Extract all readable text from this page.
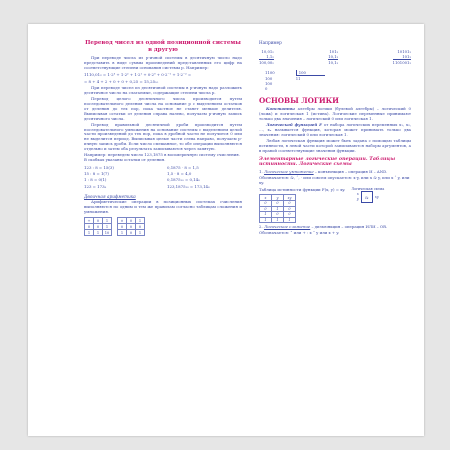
Перевод чисел из одной позиционной системы в другую

При переводе числа из p-ичной системы в десятичную число надо представить в виде суммы произведений представленных его цифр на соответствующие степени основания системы p. Например:

1110,01₂ = 1·2³ + 1·2² + 1·2¹ + 0·2⁰ + 0·2⁻¹ + 1·2⁻² =
= 8 + 4 + 2 + 0 + 0 + 0,25 = 15,25₁₀

При переводе чисел из десятичной системы в p-ичную надо разложить десятичное число на слагаемые, содержащие степени числа p.

Перевод целого десятичного числа производится путем последовательного деления числа на основание p с выделением остатков от деления до тех пор, пока частное не станет меньше делителя. Выписывая остатки от деления справа налево, получаем p-ичную запись десятичного числа.

Перевод правильной десятичной дроби производится путем последовательного умножения на основание системы с выделением целой части произведений до тех пор, пока в дробной части не получится 0 или не выделится период. Выписывая целые части слева направо, получаем p-ичную запись дроби. Если число смешанное, то обе операции выполняются отдельно и затем оба результата записываются через запятую.

Например: переведем число 123,1875 в восьмеричную систему счисления. В скобках указаны остатки от деления.

123 : 8 = 15(3)	0,1875 · 8 = 1,5
15 : 8 = 1(7)	1,5 · 8 = 4,0
1 : 8 = 0(1)	0,1875₁₀ = 0,14₈
123 = 173₈	123,1875₁₀ = 173,14₈
Двоичная арифметика

Арифметические операции в позиционных системах счисления выполняются по одним и тем же правилам согласно таблицам сложения и умножения.

+	0	1
0	0	1
1	1	10
×	0	1
0	0	0
1	0	1
Например
10,01₂
1,1₂
100,00₂
101₂
10,1₂
10,1₂
10101₂
101₂
1101001₂
1100	100
100	11
100
0
ОСНОВЫ ЛОГИКИ

Константы алгебры логики (булевой алгебры) – логический 0 (ложь) и логическая 1 (истина). Логические переменные принимают только два значения – логический 0 или логическая 1.

Логической функцией F от набора логических переменных x₁, x₂, …, xₙ называется функция, которая может принимать только два значения: логический 0 или логическая 1.

Любая логическая функция может быть задана с помощью таблицы истинности, в левой части которой записываются наборы аргументов, а в правой соответствующие значения функции.

Элементарные логические операции. Таблицы истинности. Логические схемы
1. Логическое умножение – конъюнкция – операция И – AND.
Обозначается: &, ˆ, · или совсем опускается: x·y, или x & y, или x ˆ y, или xy.
Таблица истинности функции F(x, y) = xy.
x	y	xy
0	0	0
0	1	0
1	0	0
1	1	1
Логическая схема
x
y	&	xy
2. Логическое сложение – дизъюнкция – операция ИЛИ – OR.
Обозначается: ˅ или + : x ˅ y или x + y.
